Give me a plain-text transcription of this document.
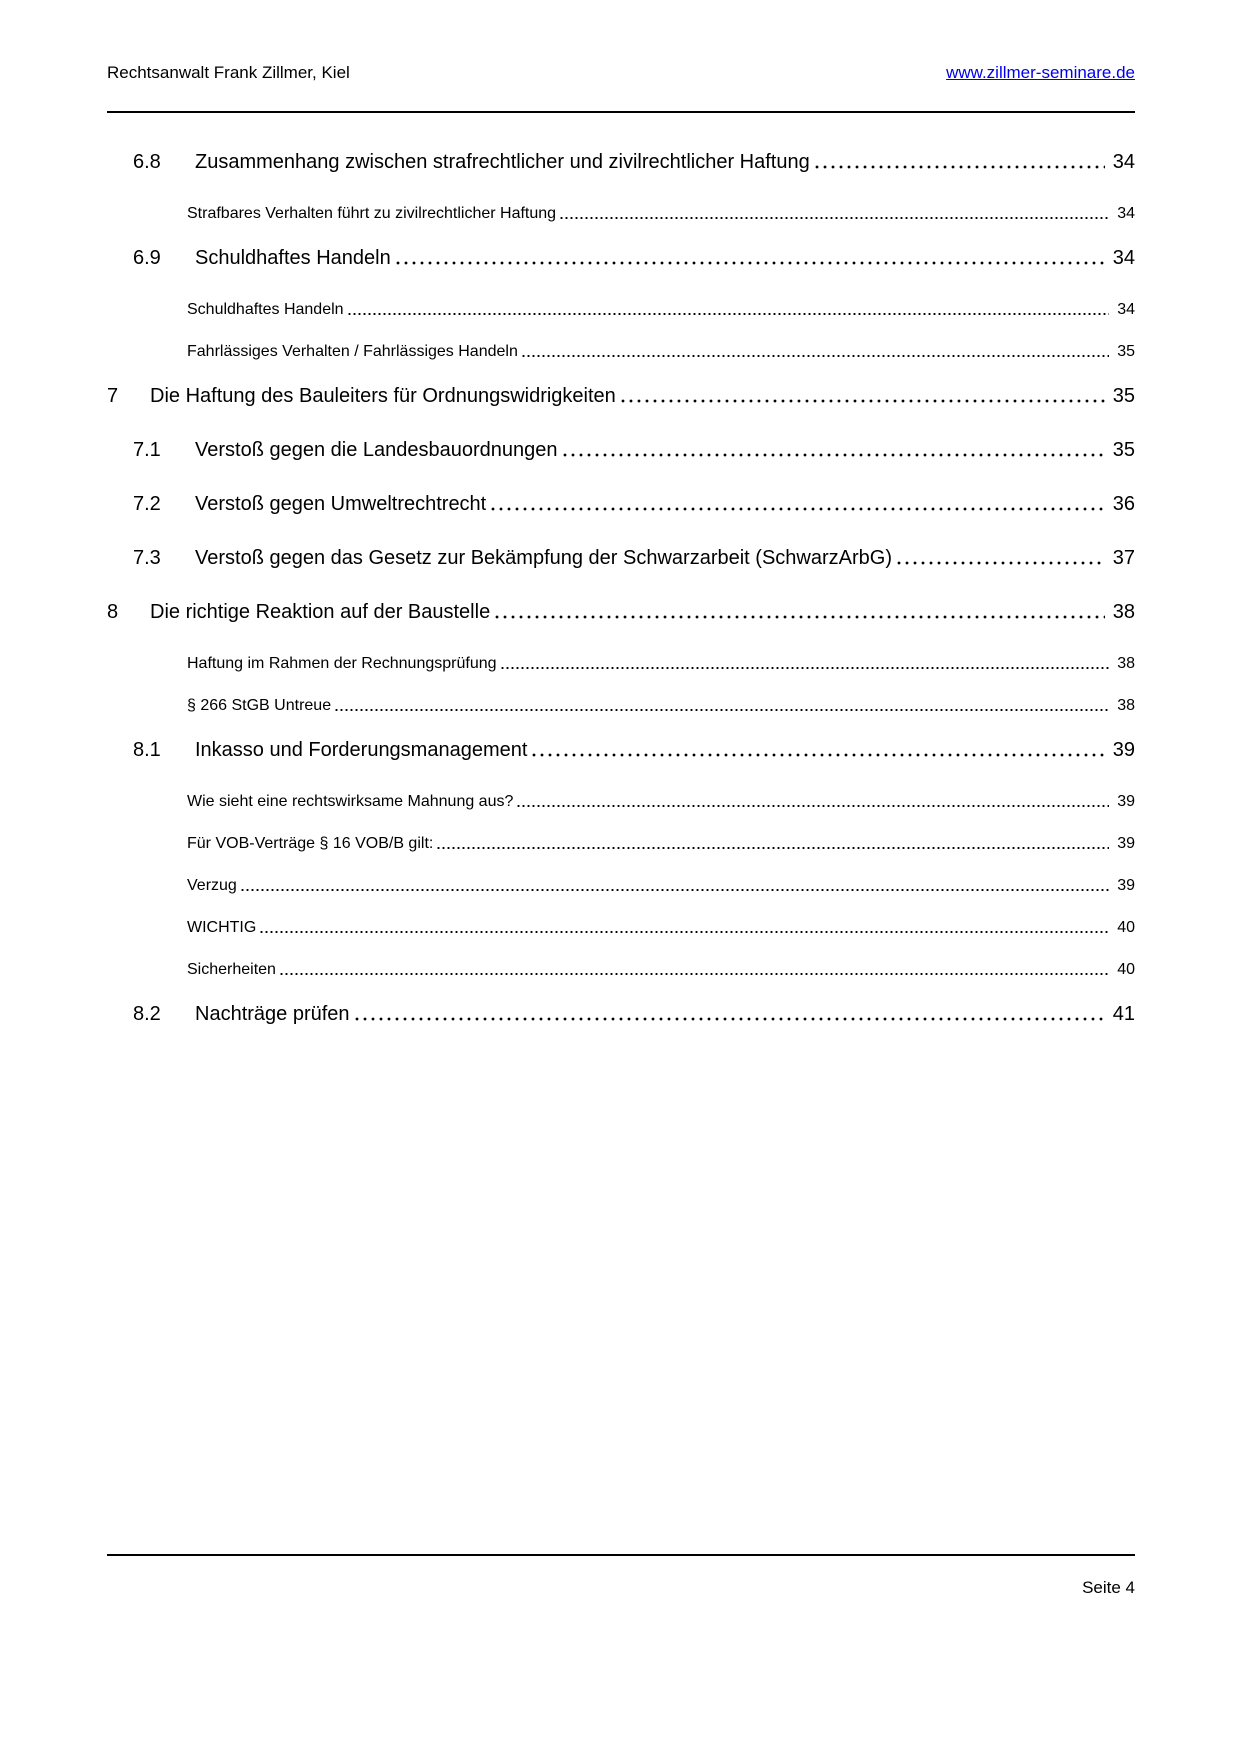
Rechtsanwalt Frank Zillmer, Kiel	www.zillmer-seminare.de
6.8	Zusammenhang zwischen strafrechtlicher und zivilrechtlicher Haftung	34
Strafbares Verhalten führt zu zivilrechtlicher Haftung	34
6.9	Schuldhaftes Handeln	34
Schuldhaftes Handeln	34
Fahrlässiges Verhalten / Fahrlässiges Handeln	35
7	Die Haftung des Bauleiters für Ordnungswidrigkeiten	35
7.1	Verstoß gegen die Landesbauordnungen	35
7.2	Verstoß gegen Umweltrechtrecht	36
7.3	Verstoß gegen das Gesetz zur Bekämpfung der Schwarzarbeit (SchwarzArbG)	37
8	Die richtige Reaktion auf der Baustelle	38
Haftung im Rahmen der Rechnungsprüfung	38
§ 266 StGB Untreue	38
8.1	Inkasso und Forderungsmanagement	39
Wie sieht eine rechtswirksame Mahnung aus?	39
Für VOB-Verträge § 16 VOB/B gilt:	39
Verzug	39
WICHTIG	40
Sicherheiten	40
8.2	Nachträge prüfen	41
Seite 4
